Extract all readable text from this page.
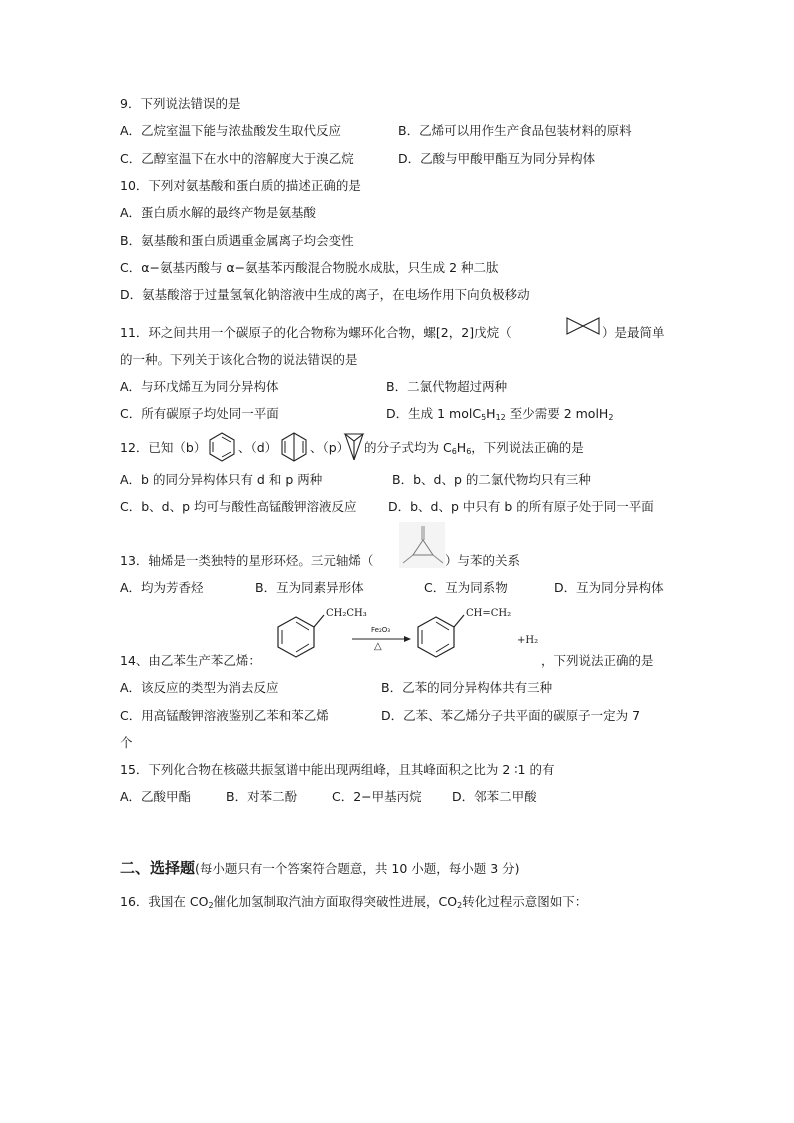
9．下列说法错误的是
A．乙烷室温下能与浓盐酸发生取代反应	B．乙烯可以用作生产食品包装材料的原料
C．乙醇室温下在水中的溶解度大于溴乙烷	D．乙酸与甲酸甲酯互为同分异构体
10．下列对氨基酸和蛋白质的描述正确的是
A．蛋白质水解的最终产物是氨基酸
B．氨基酸和蛋白质遇重金属离子均会变性
C．α−氨基丙酸与 α−氨基苯丙酸混合物脱水成肽，只生成 2 种二肽
D．氨基酸溶于过量氢氧化钠溶液中生成的离子，在电场作用下向负极移动
11．环之间共用一个碳原子的化合物称为螺环化合物，螺[2，2]戊烷（	）是最简单
的一种。下列关于该化合物的说法错误的是
A．与环戊烯互为同分异构体	B．二氯代物超过两种
C．所有碳原子均处同一平面	D．生成 1 $molC_5H_{12}$ 至少需要 2 molH$_2$
12．已知（b）	、（d）	、（p） 的分子式均为 $C_6H_6$，下列说法正确的是
A．b 的同分异构体只有 d 和 p 两种	B．b、d、p 的二氯代物均只有三种
C．b、d、p 均可与酸性高锰酸钾溶液反应	D．b、d、p 中只有 b 的所有原子处于同一平面
13．轴烯是一类独特的星形环烃。三元轴烯（	）与苯的关系
A．均为芳香烃	B．互为同素异形体	C．互为同系物	D．互为同分异构体
CH₂CH₃
Fe₂O₃
△
CH=CH₂
+H₂
14、由乙苯生产苯乙烯：	，下列说法正确的是
A．该反应的类型为消去反应	B．乙苯的同分异构体共有三种
C．用高锰酸钾溶液鉴别乙苯和苯乙烯	D．乙苯、苯乙烯分子共平面的碳原子一定为 7
个
15．下列化合物在核磁共振氢谱中能出现两组峰，且其峰面积之比为 2 ∶1 的有
A．乙酸甲酯	B．对苯二酚	C．2−甲基丙烷 D．邻苯二甲酸
二、选择题(每小题只有一个答案符合题意，共 10 小题，每小题 3 分)
16．我国在 $CO_2$催化加氢制取汽油方面取得突破性进展，$CO_2$转化过程示意图如下：
